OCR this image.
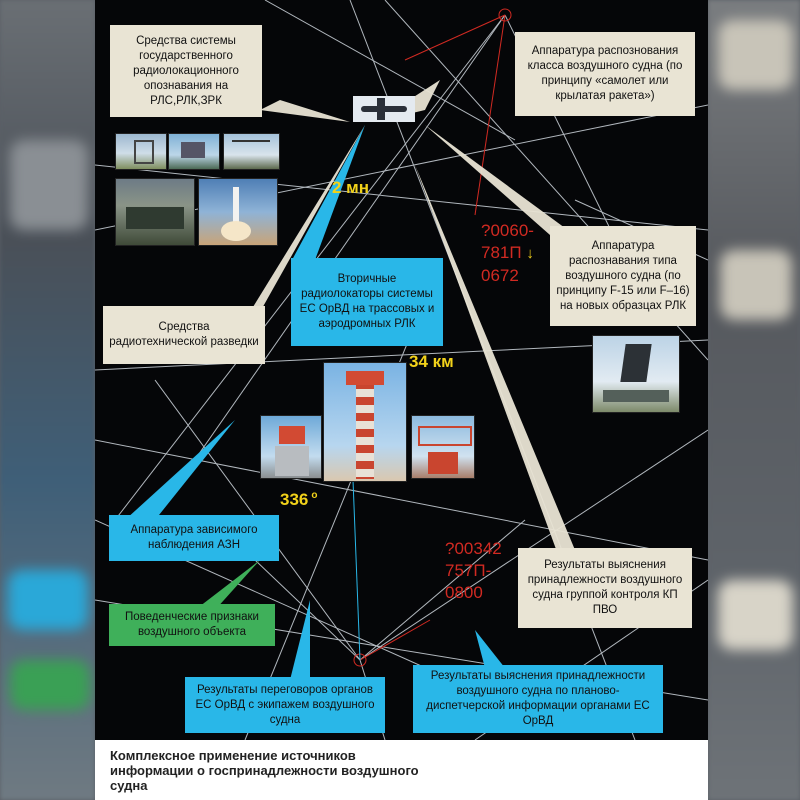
Средства системы государственного радиолокационного опознавания на РЛС,РЛК,ЗРК
Аппаратура распознования класса воздушного судна (по принципу «самолет или крылатая ракета»)
Вторичные радиолокаторы системы ЕС ОрВД на трассовых и аэродромных РЛК
Аппаратура распознавания типа воздушного судна (по принципу F-15 или F–16) на новых образцах РЛК
Средства радиотехнической разведки
Аппаратура зависимого наблюдения АЗН
Поведенческие признаки воздушного объекта
Результаты переговоров органов ЕС ОрВД с экипажем воздушного судна
Результаты выяснения принадлежности воздушного судна по планово-диспетчерской информации органами ЕС ОрВД
Результаты выяснения принадлежности воздушного судна группой контроля КП ПВО
?0060-
781П ↓
0672
?00342
757П-
0800
2 мн
34 км
336 $^о$
Комплексное применение источников информации о госпринадлежности воздушного судна
